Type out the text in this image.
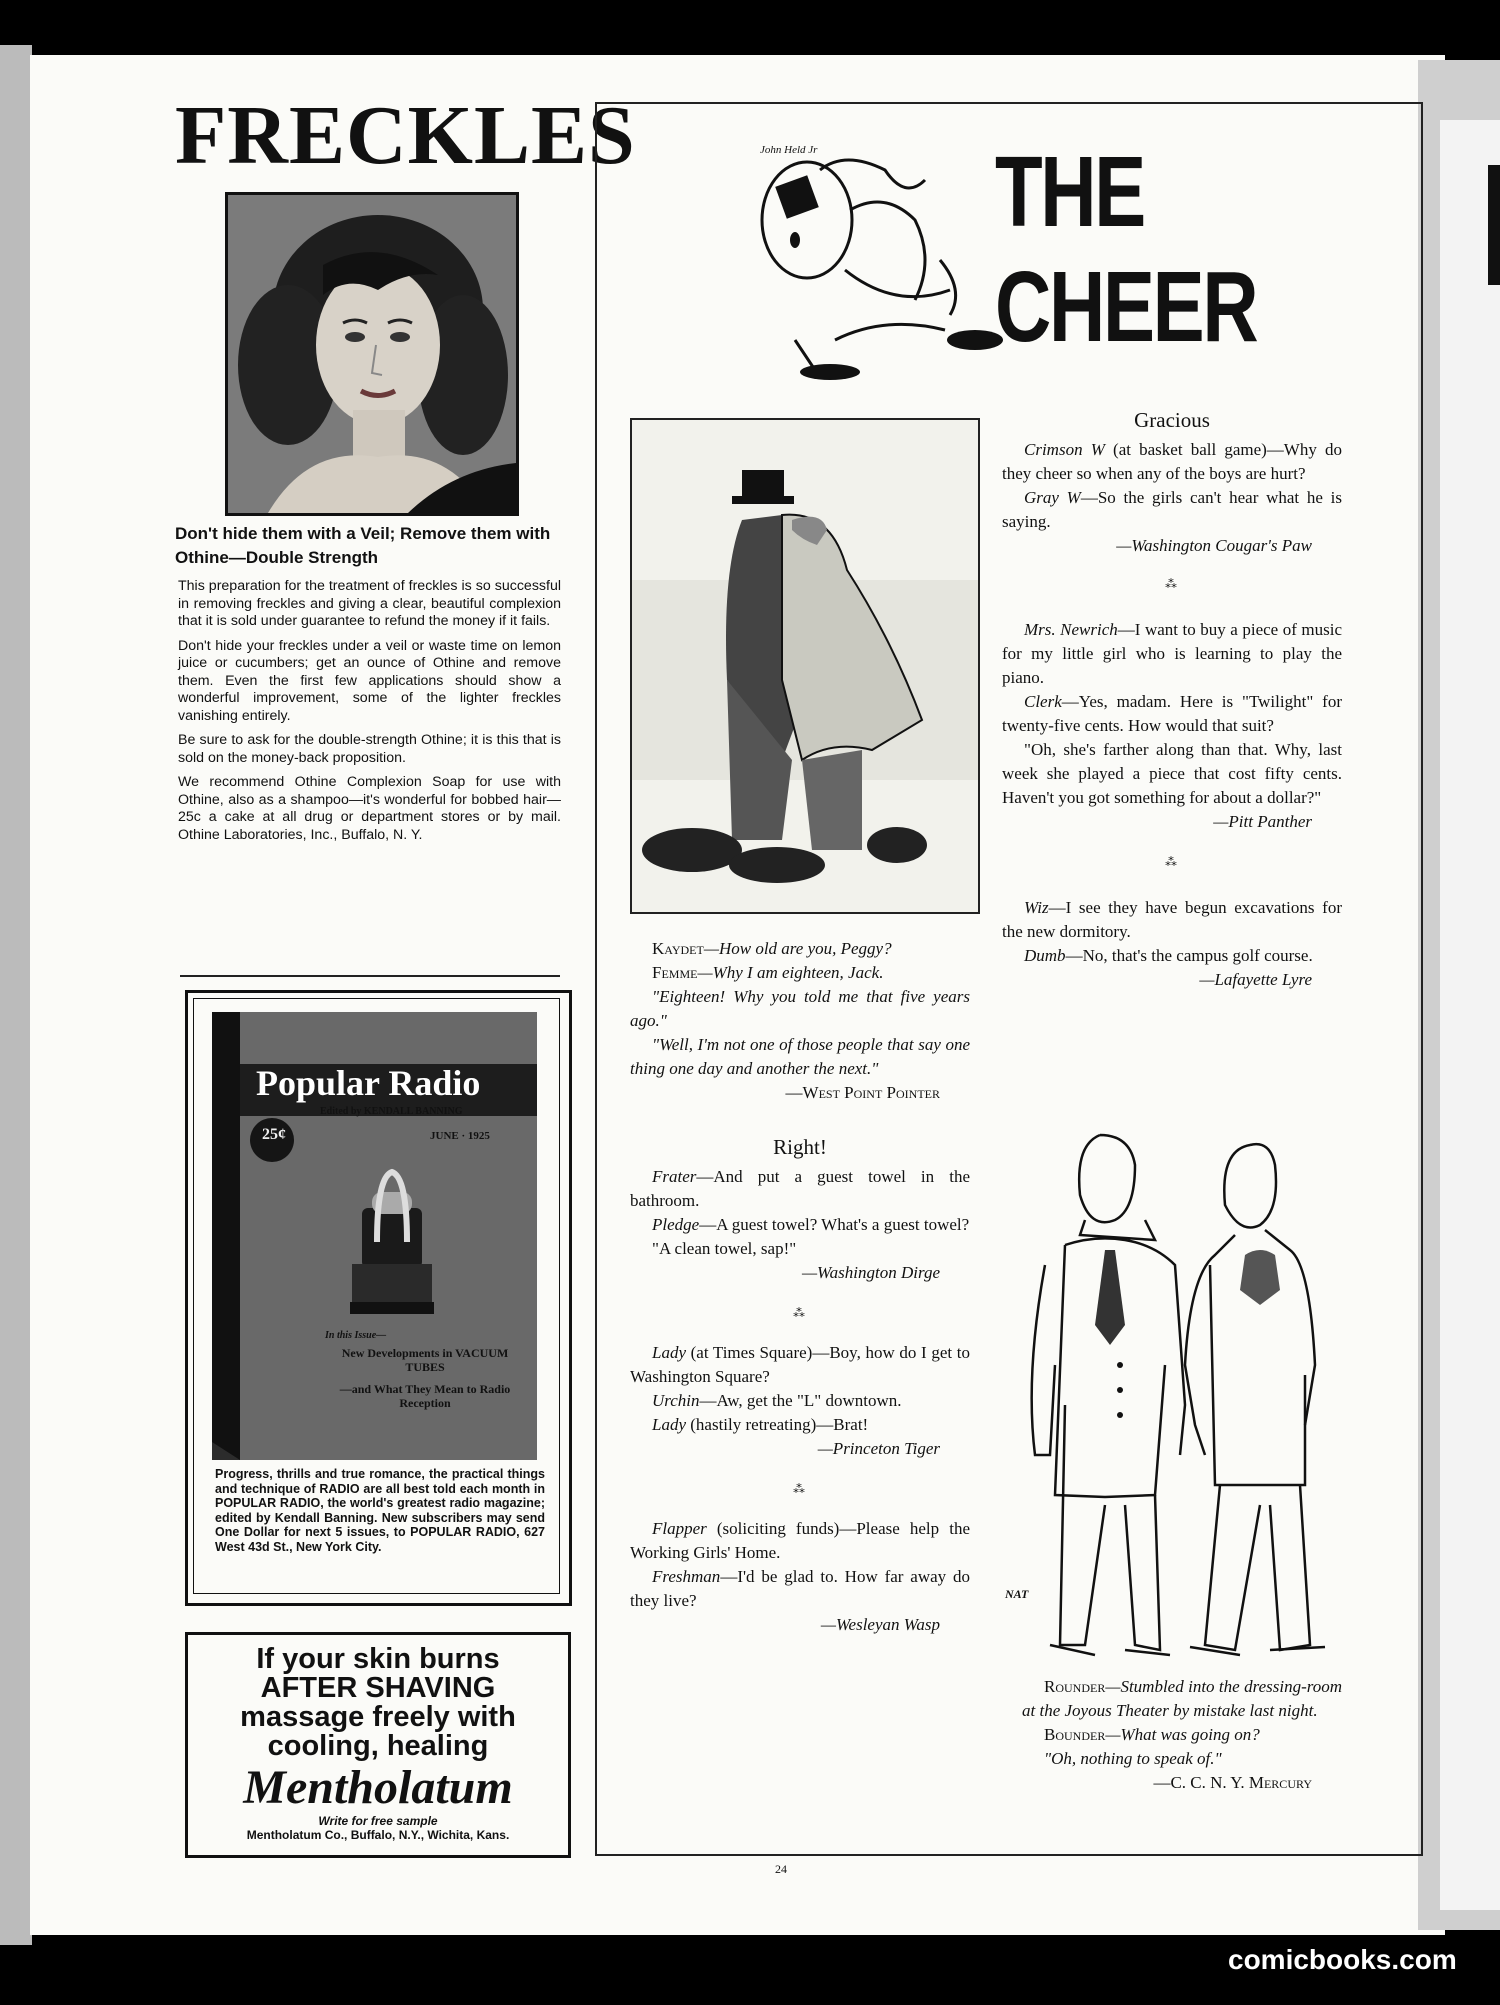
FRECKLES
Don't hide them with a Veil; Remove them with Othine—Double Strength

This preparation for the treatment of freckles is so successful in removing freckles and giving a clear, beautiful complexion that it is sold under guarantee to refund the money if it fails.

Don't hide your freckles under a veil or waste time on lemon juice or cucumbers; get an ounce of Othine and remove them. Even the first few applications should show a wonderful improvement, some of the lighter freckles vanishing entirely.

Be sure to ask for the double-strength Othine; it is this that is sold on the money-back proposition.

We recommend Othine Complexion Soap for use with Othine, also as a shampoo—it's wonderful for bobbed hair—25c a cake at all drug or department stores or by mail. Othine Laboratories, Inc., Buffalo, N. Y.

Popular Radio
25¢
Edited by KENDALL BANNING
JUNE · 1925
In this Issue—
New Developments in VACUUM TUBES
—and What They Mean to Radio Reception
Progress, thrills and true romance, the practical things and technique of RADIO are all best told each month in POPULAR RADIO, the world's greatest radio magazine; edited by Kendall Banning. New subscribers may send One Dollar for next 5 issues, to POPULAR RADIO, 627 West 43d St., New York City.
If your skin burns
AFTER SHAVING
massage freely with
cooling, healing
Mentholatum
Write for free sample
Mentholatum Co., Buffalo, N.Y., Wichita, Kans.
John Held Jr THE CHEER

Kaydet—How old are you, Peggy?

Femme—Why I am eighteen, Jack.

"Eighteen! Why you told me that five years ago."

"Well, I'm not one of those people that say one thing one day and another the next."

—West Point Pointer

Right!

Frater—And put a guest towel in the bathroom.

Pledge—A guest towel? What's a guest towel?

"A clean towel, sap!"

—Washington Dirge

⁂

Lady (at Times Square)—Boy, how do I get to Washington Square?

Urchin—Aw, get the "L" downtown.

Lady (hastily retreating)—Brat!

—Princeton Tiger

⁂

Flapper (soliciting funds)—Please help the Working Girls' Home.

Freshman—I'd be glad to. How far away do they live?

—Wesleyan Wasp

Gracious

Crimson W (at basket ball game)—Why do they cheer so when any of the boys are hurt?

Gray W—So the girls can't hear what he is saying.

—Washington Cougar's Paw

⁂

Mrs. Newrich—I want to buy a piece of music for my little girl who is learning to play the piano.

Clerk—Yes, madam. Here is "Twilight" for twenty-five cents. How would that suit?

"Oh, she's farther along than that. Why, last week she played a piece that cost fifty cents. Haven't you got something for about a dollar?"

—Pitt Panther

⁂

Wiz—I see they have begun excavations for the new dormitory.

Dumb—No, that's the campus golf course.

—Lafayette Lyre

NAT

Rounder—Stumbled into the dressing-room at the Joyous Theater by mistake last night.

Bounder—What was going on?

"Oh, nothing to speak of."

—C. C. N. Y. Mercury

24
comicbooks.com
